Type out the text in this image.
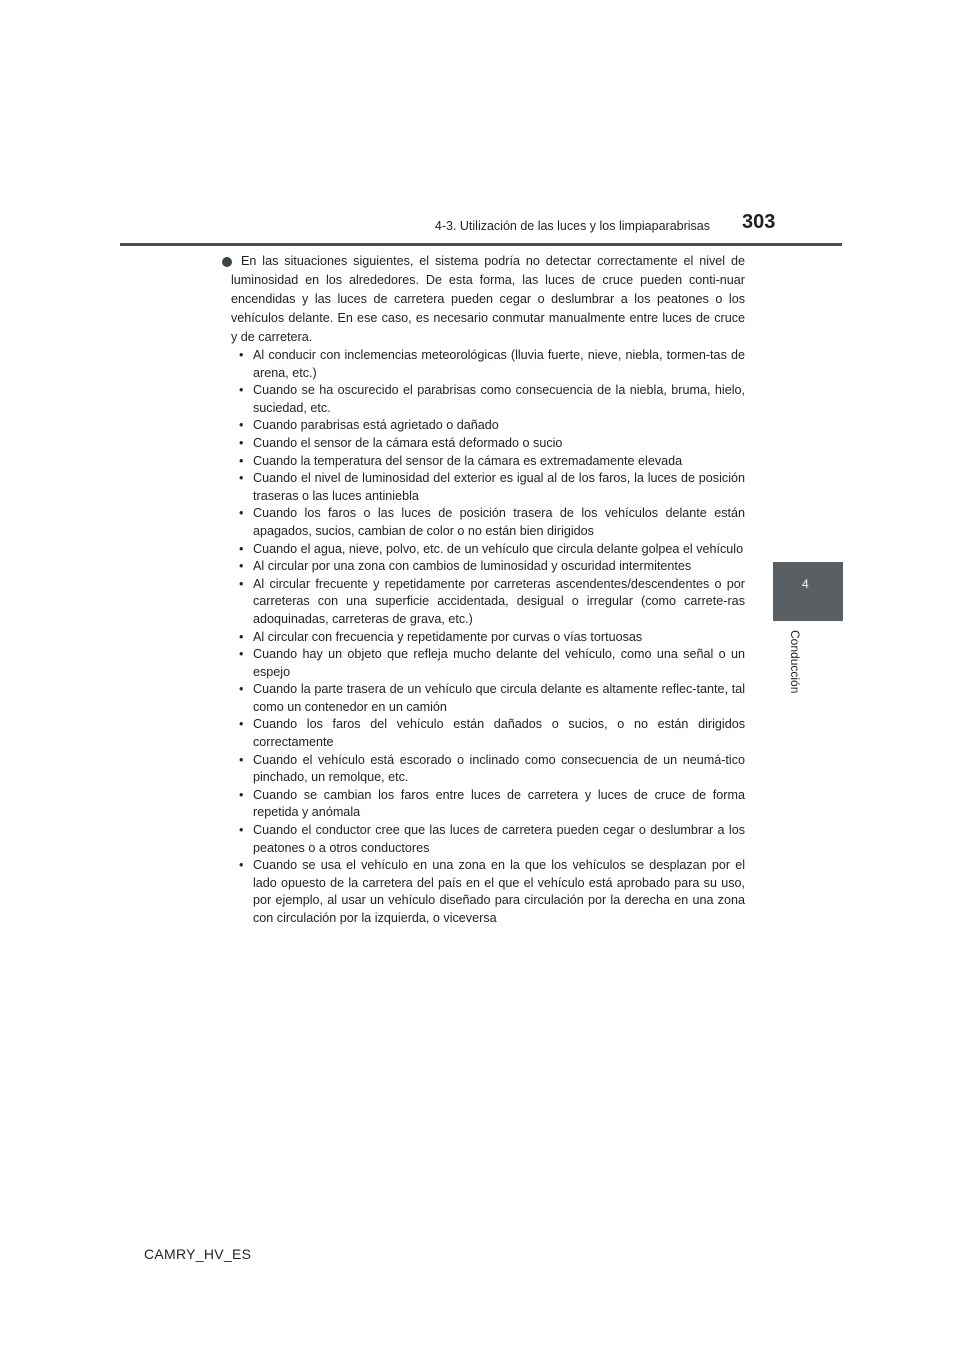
4-3. Utilización de las luces y los limpiaparabrisas 303
4
Conducción

En las situaciones siguientes, el sistema podría no detectar correctamente el nivel de luminosidad en los alrededores. De esta forma, las luces de cruce pueden conti-nuar encendidas y las luces de carretera pueden cegar o deslumbrar a los peatones o los vehículos delante. En ese caso, es necesario conmutar manualmente entre luces de cruce y de carretera.

• Al conducir con inclemencias meteorológicas (lluvia fuerte, nieve, niebla, tormen-tas de arena, etc.)
• Cuando se ha oscurecido el parabrisas como consecuencia de la niebla, bruma, hielo, suciedad, etc.
• Cuando parabrisas está agrietado o dañado
• Cuando el sensor de la cámara está deformado o sucio
• Cuando la temperatura del sensor de la cámara es extremadamente elevada
• Cuando el nivel de luminosidad del exterior es igual al de los faros, la luces de posición traseras o las luces antiniebla
• Cuando los faros o las luces de posición trasera de los vehículos delante están apagados, sucios, cambian de color o no están bien dirigidos
• Cuando el agua, nieve, polvo, etc. de un vehículo que circula delante golpea el vehículo
• Al circular por una zona con cambios de luminosidad y oscuridad intermitentes
• Al circular frecuente y repetidamente por carreteras ascendentes/descendentes o por carreteras con una superficie accidentada, desigual o irregular (como carrete-ras adoquinadas, carreteras de grava, etc.)
• Al circular con frecuencia y repetidamente por curvas o vías tortuosas
• Cuando hay un objeto que refleja mucho delante del vehículo, como una señal o un espejo
• Cuando la parte trasera de un vehículo que circula delante es altamente reflec-tante, tal como un contenedor en un camión
• Cuando los faros del vehículo están dañados o sucios, o no están dirigidos correctamente
• Cuando el vehículo está escorado o inclinado como consecuencia de un neumá-tico pinchado, un remolque, etc.
• Cuando se cambian los faros entre luces de carretera y luces de cruce de forma repetida y anómala
• Cuando el conductor cree que las luces de carretera pueden cegar o deslumbrar a los peatones o a otros conductores
• Cuando se usa el vehículo en una zona en la que los vehículos se desplazan por el lado opuesto de la carretera del país en el que el vehículo está aprobado para su uso, por ejemplo, al usar un vehículo diseñado para circulación por la derecha en una zona con circulación por la izquierda, o viceversa
CAMRY_HV_ES
